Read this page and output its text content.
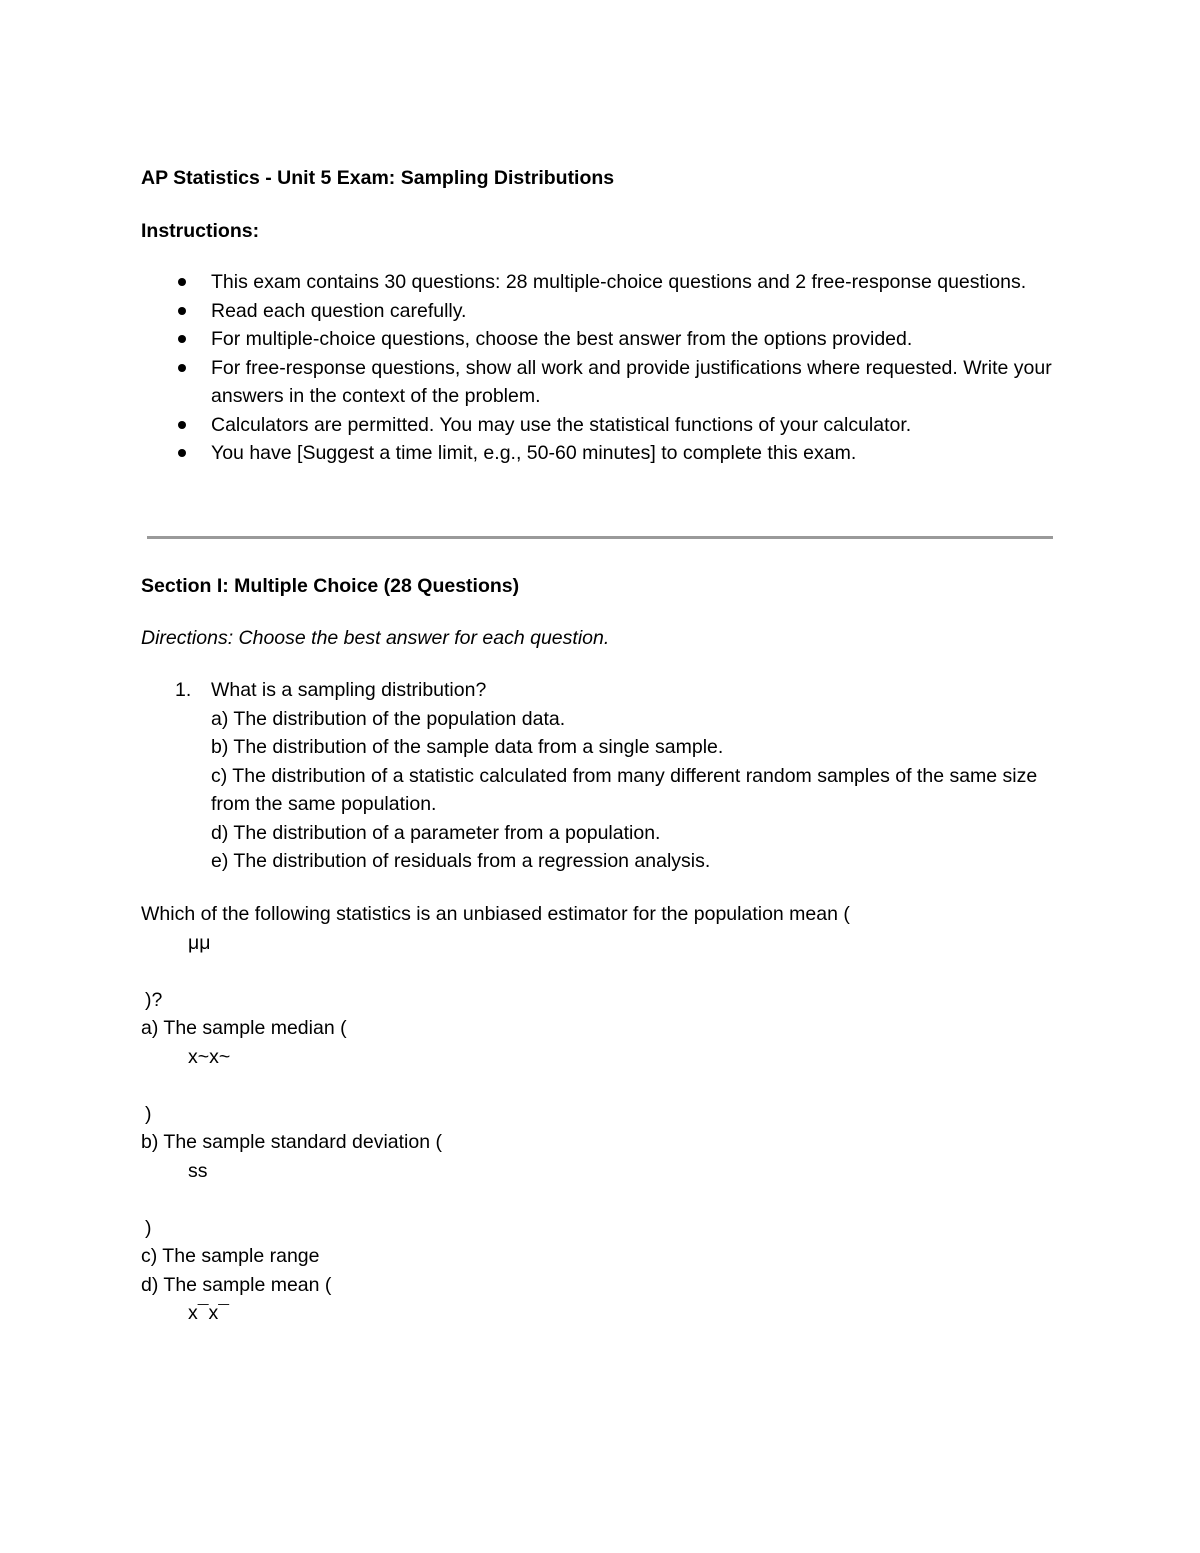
AP Statistics - Unit 5 Exam: Sampling Distributions
Instructions:
This exam contains 30 questions: 28 multiple-choice questions and 2 free-response questions.
Read each question carefully.
For multiple-choice questions, choose the best answer from the options provided.
For free-response questions, show all work and provide justifications where requested. Write your answers in the context of the problem.
Calculators are permitted. You may use the statistical functions of your calculator.
You have [Suggest a time limit, e.g., 50-60 minutes] to complete this exam.
Section I: Multiple Choice (28 Questions)
Directions: Choose the best answer for each question.
1. What is a sampling distribution?
a) The distribution of the population data.
b) The distribution of the sample data from a single sample.
c) The distribution of a statistic calculated from many different random samples of the same size from the same population.
d) The distribution of a parameter from a population.
e) The distribution of residuals from a regression analysis.
Which of the following statistics is an unbiased estimator for the population mean (
μμ
)?
a) The sample median (
x~x~
)
b) The sample standard deviation (
ss
)
c) The sample range
d) The sample mean (
x¯x¯
